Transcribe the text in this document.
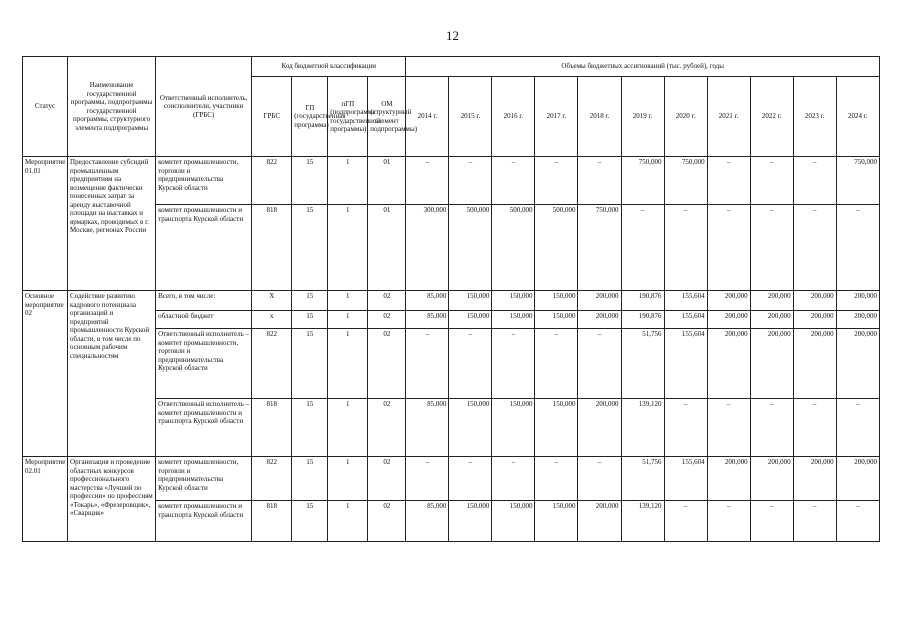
12
Статус	Наименование государственной программы, подпрограммы государственной программы, структурного элемента подпрограммы	Ответственный исполнитель, соисполнители, участники (ГРБС)	Код бюджетной классификации				Объемы бюджетных ассигнований (тыс. рублей), годы										
			ГРБС	ГП (государственная программа)	пГП (подпрограмма государственной программы)	ОМ (структурный элемент подпрограммы)	2014 г.	2015 г.	2016 г.	2017 г.	2018 г.	2019 г.	2020 г.	2021 г.	2022 г.	2023 г.	2024 г.
Мероприятие 01.01	Предоставление субсидий промышленным предприятиям на возмещение фактически понесенных затрат за аренду выставочной площади на выставках и ярмарках, проводимых в г. Москве, регионах России	комитет промышленности, торговли и предпринимательства Курской области	822	15	1	01	–	–	–	–	–	750,000	750,000	–	–	–	750,000
		комитет промышленности и транспорта Курской области	818	15	1	01	300,000	500,000	500,000	500,000	750,000	–	–	–	–	–	–
Основное мероприятие 02	Содействие развитию кадрового потенциала организаций и предприятий промышленности Курской области, в том числе по основным рабочим специальностям	Всего, в том числе:	Х	15	1	02	85,000	150,000	150,000	150,000	200,000	190,876	155,604	200,000	200,000	200,000	200,000
		областной бюджет	х	15	1	02	85,000	150,000	150,000	150,000	200,000	190,876	155,604	200,000	200,000	200,000	200,000
		Ответственный исполнитель – комитет промышленности, торговли и предпринимательства Курской области	822	15	1	02	–	–	–	–	–	51,756	155,604	200,000	200,000	200,000	200,000
		Ответственный исполнитель – комитет промышленности и транспорта Курской области	818	15	1	02	85,000	150,000	150,000	150,000	200,000	139,120	–	–	–	–	–
Мероприятие 02.01	Организация и проведение областных конкурсов профессионального мастерства «Лучший по профессии» по профессиям «Токарь», «Фрезеровщик», «Сварщик»	комитет промышленности, торговли и предпринимательства Курской области	822	15	1	02	–	–	–	–	–	51,756	155,604	200,000	200,000	200,000	200,000
		комитет промышленности и транспорта Курской области	818	15	1	02	85,000	150,000	150,000	150,000	200,000	139,120	–	–	–	–	–
